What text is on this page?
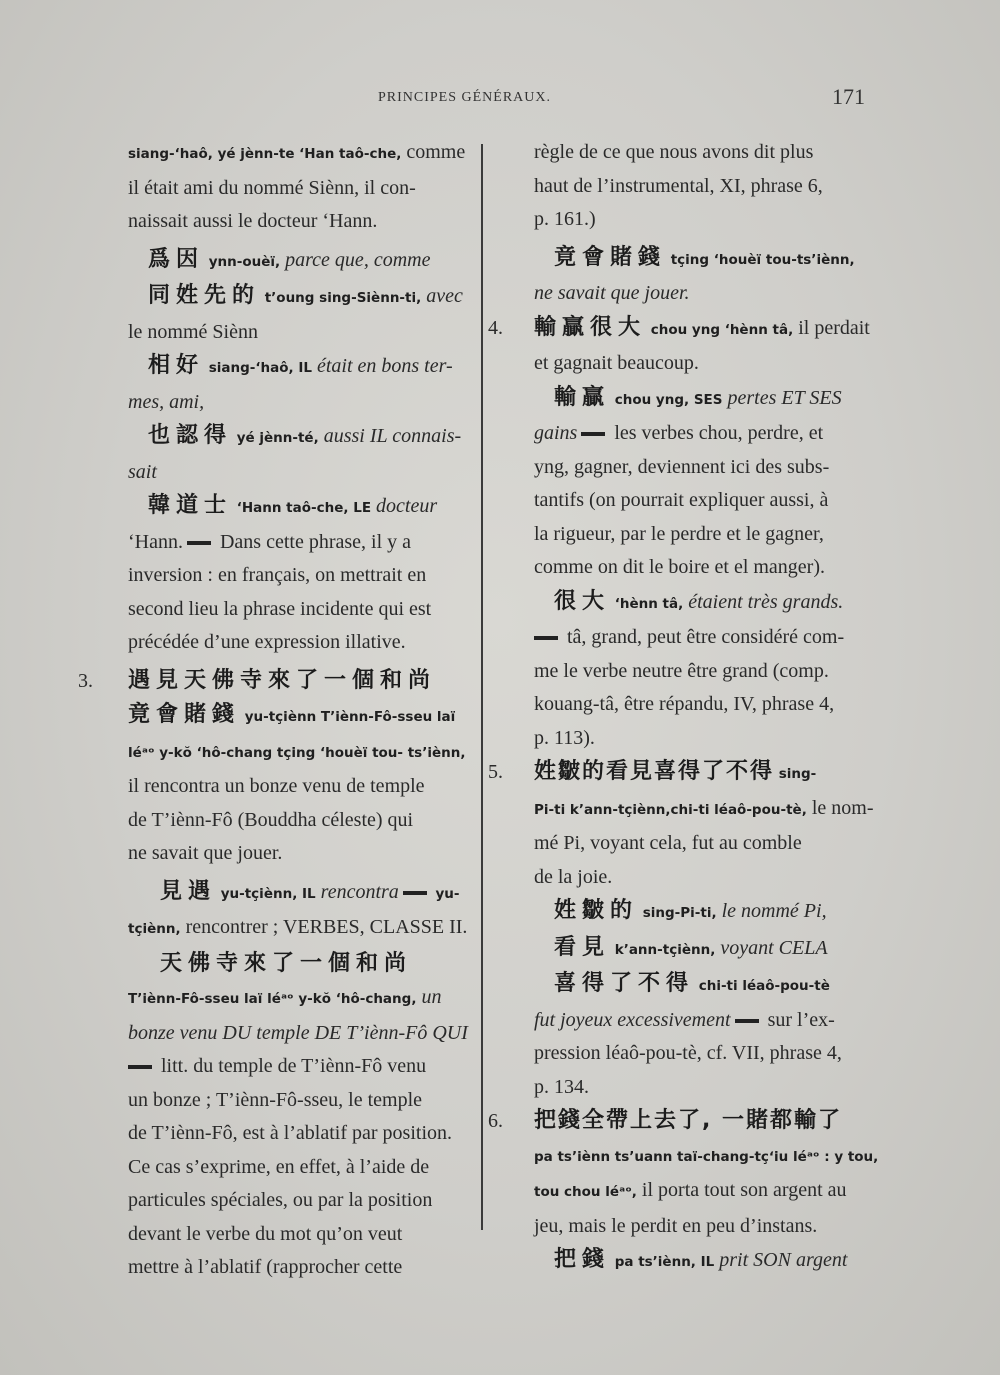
PRINCIPES GÉNÉRAUX.	171
siang-‘haô, yé jènn-te ‘Han taô-che, comme
il était ami du nommé Siènn, il con-
naissait aussi le docteur ‘Hann.
爲因 ynn-ouèï, parce que, comme
同姓先的 t’oung sing-Siènn-ti, avec
le nommé Siènn
相好 siang-‘haô, IL était en bons ter-
mes, ami,
也認得 yé jènn-té, aussi IL connais-
sait
韓道士 ‘Hann taô-che, LE docteur
‘Hann. Dans cette phrase, il y a
inversion : en français, on mettrait en
second lieu la phrase incidente qui est
précédée d’une expression illative.
3. 遇見天佛寺來了一個和尚
竟會賭錢 yu-tçiènn T’iènn-Fô-sseu laï
léᵃᵒ y-kŏ ‘hô-chang tçing ‘houèï tou- ts’iènn,
il rencontra un bonze venu de temple
de T’iènn-Fô (Bouddha céleste) qui
ne savait que jouer.
見遇 yu-tçiènn, IL rencontra yu-
tçiènn, rencontrer ; VERBES, CLASSE II.
天佛寺來了一個和尚
T’iènn-Fô-sseu laï léᵃᵒ y-kŏ ‘hô-chang, un
bonze venu DU temple DE T’iènn-Fô QUI
litt. du temple de T’iènn-Fô venu
un bonze ; T’iènn-Fô-sseu, le temple
de T’iènn-Fô, est à l’ablatif par position.
Ce cas s’exprime, en effet, à l’aide de
particules spéciales, ou par la position
devant le verbe du mot qu’on veut
mettre à l’ablatif (rapprocher cette
règle de ce que nous avons dit plus
haut de l’instrumental, XI, phrase 6,
p. 161.)
竟會賭錢 tçing ‘houèï tou-ts’iènn,
ne savait que jouer.
4. 輸贏很大 chou yng ‘hènn tâ, il perdait
et gagnait beaucoup.
輸贏 chou yng, SES pertes ET SES
gains les verbes chou, perdre, et
yng, gagner, deviennent ici des subs-
tantifs (on pourrait expliquer aussi, à
la rigueur, par le perdre et le gagner,
comme on dit le boire et el manger).
很大 ‘hènn tâ, étaient très grands.
tâ, grand, peut être considéré com-
me le verbe neutre être grand (comp.
kouang-tâ, être répandu, IV, phrase 4,
p. 113).
5. 姓皺的看見喜得了不得 sing-
Pi-ti k’ann-tçiènn,chi-ti léaô-pou-tè, le nom-
mé Pi, voyant cela, fut au comble
de la joie.
姓皺的 sing-Pi-ti, le nommé Pi,
看見 k’ann-tçiènn, voyant CELA
喜得了不得 chi-ti léaô-pou-tè
fut joyeux excessivement sur l’ex-
pression léaô-pou-tè, cf. VII, phrase 4,
p. 134.
6. 把錢全帶上去了, 一賭都輸了
pa ts’iènn ts’uann taï-chang-tçʻiu léᵃᵒ : y tou,
tou chou léᵃᵒ, il porta tout son argent au
jeu, mais le perdit en peu d’instans.
把錢 pa ts’iènn, IL prit SON argent
